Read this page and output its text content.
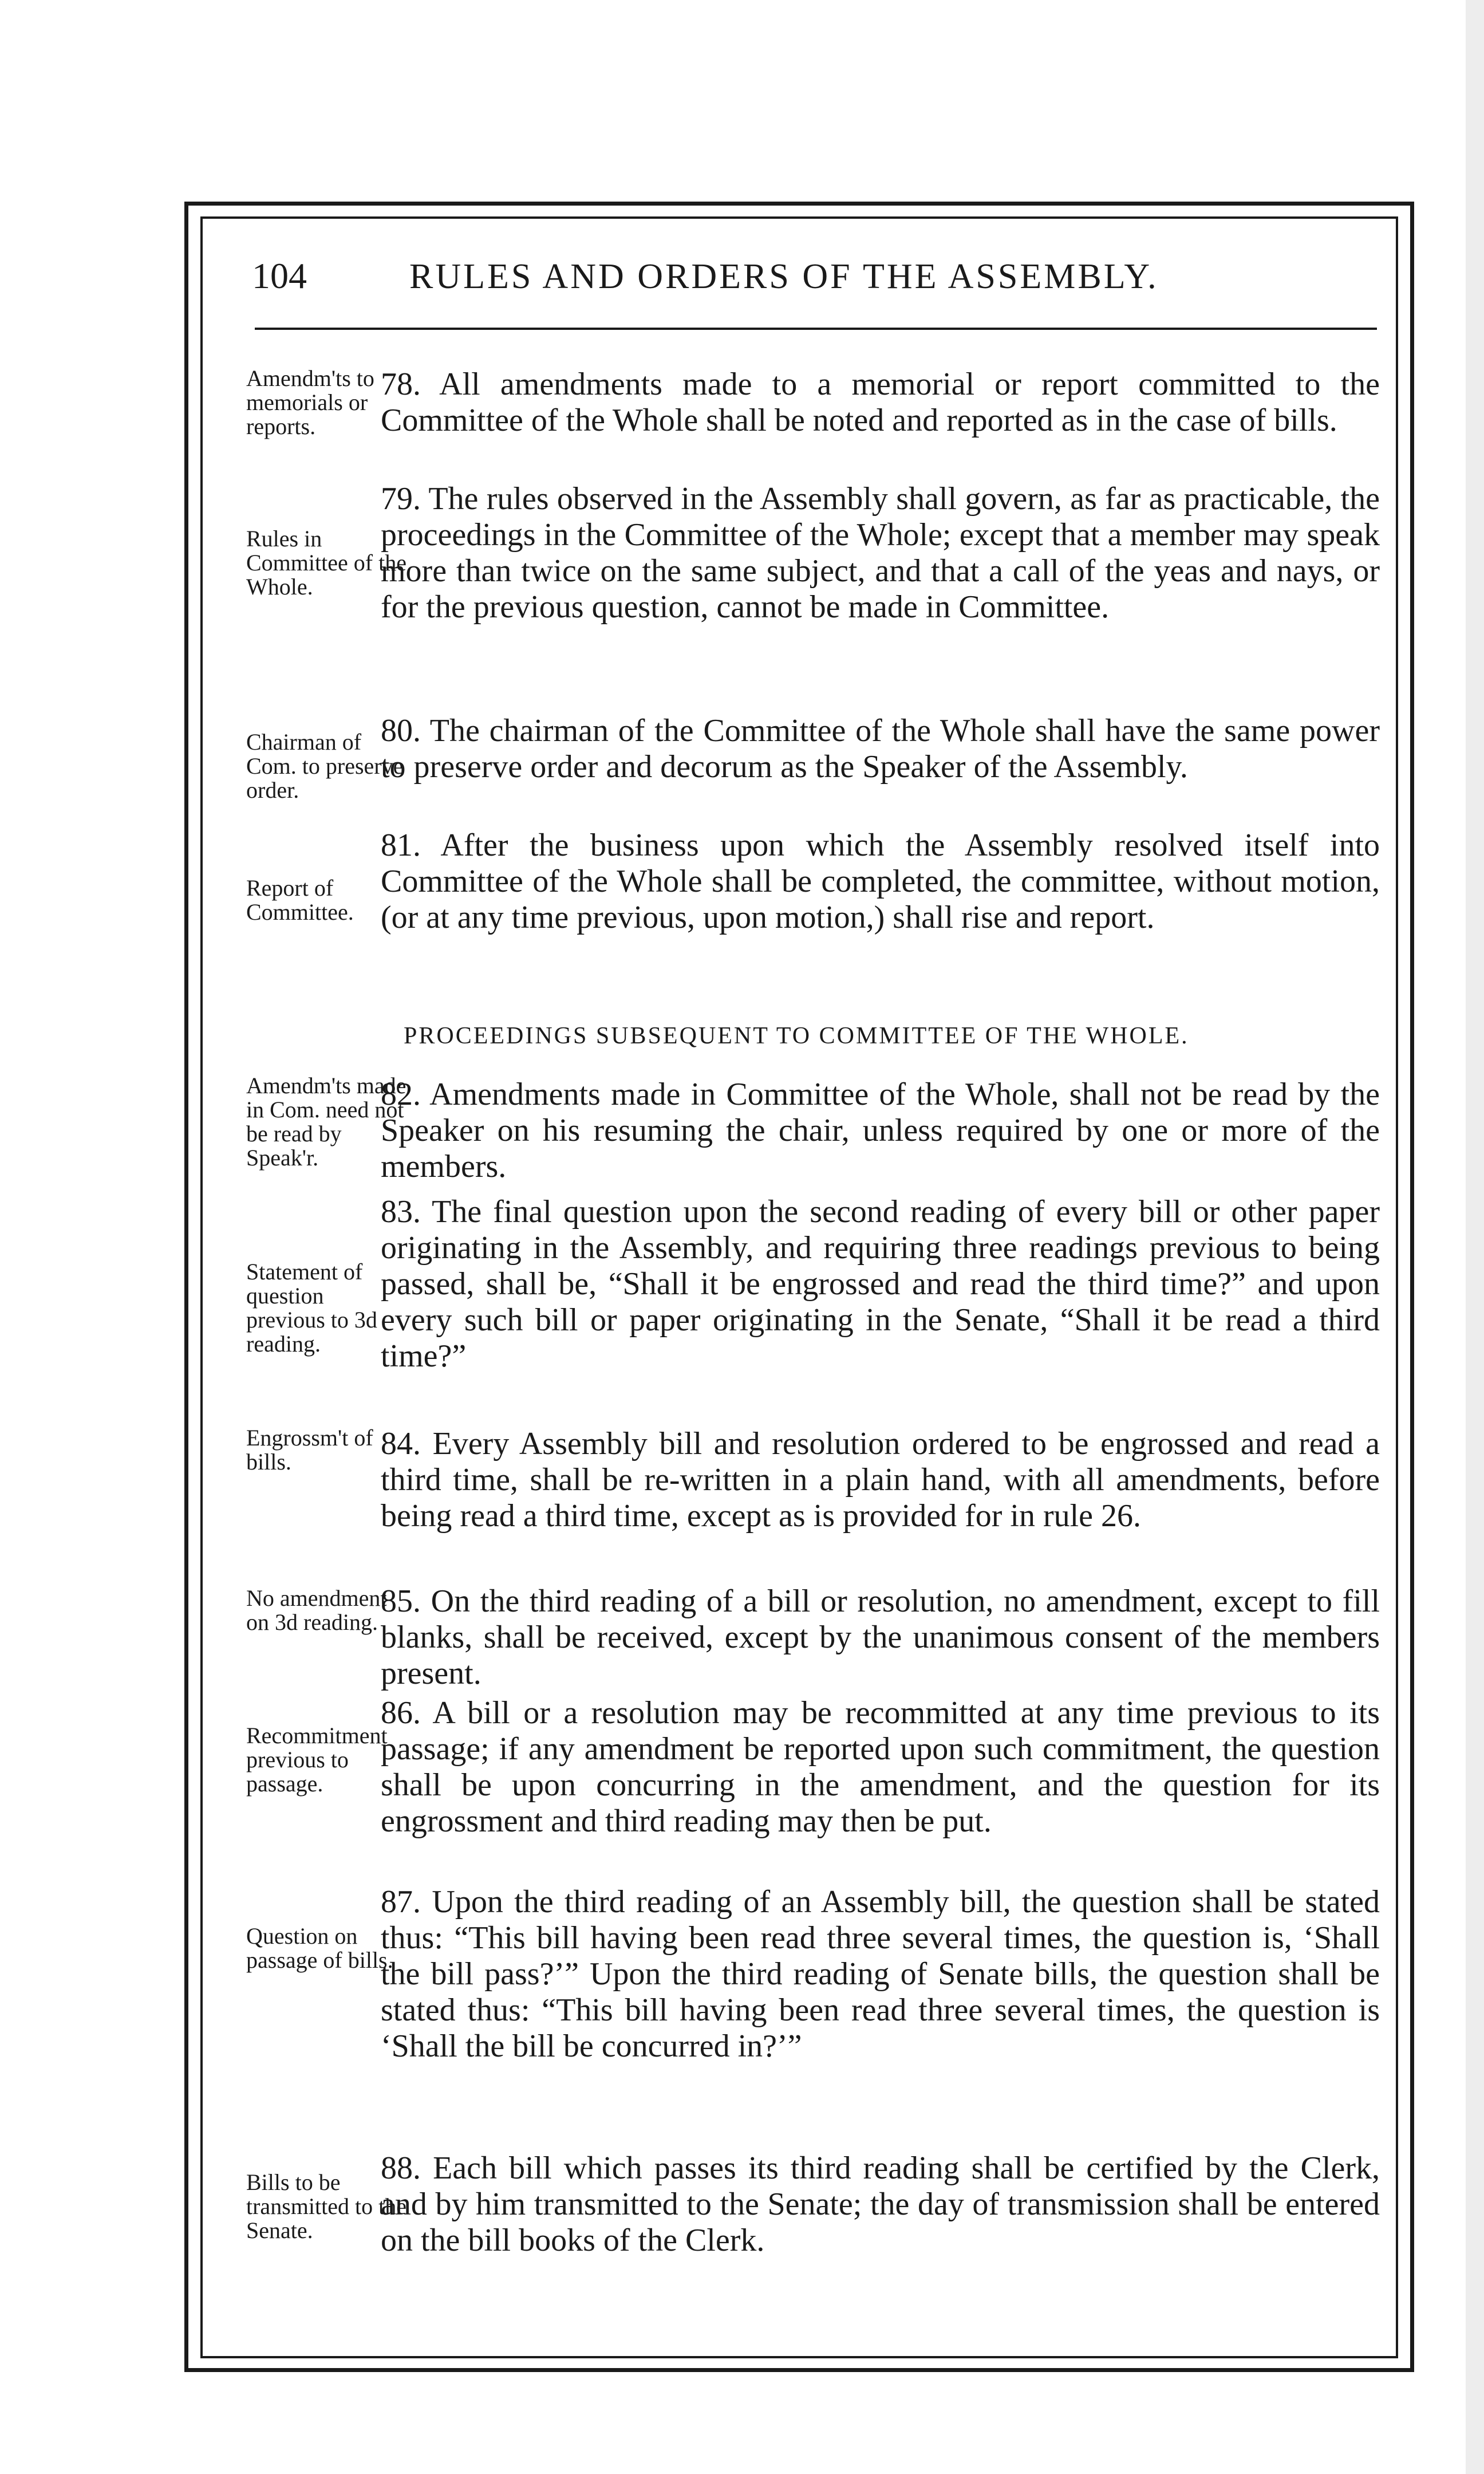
104	RULES AND ORDERS OF THE ASSEMBLY.
Amendm'ts to memorials or reports.
78. All amendments made to a memorial or report committed to the Committee of the Whole shall be noted and reported as in the case of bills.
Rules in Committee of the Whole.
79. The rules observed in the Assembly shall govern, as far as practicable, the proceedings in the Committee of the Whole; except that a member may speak more than twice on the same subject, and that a call of the yeas and nays, or for the previous question, cannot be made in Committee.
Chairman of Com. to preserve order.
80. The chairman of the Committee of the Whole shall have the same power to preserve order and decorum as the Speaker of the Assembly.
Report of Committee.
81. After the business upon which the Assembly resolved itself into Committee of the Whole shall be completed, the committee, without motion, (or at any time previous, upon motion,) shall rise and report.
PROCEEDINGS SUBSEQUENT TO COMMITTEE OF THE WHOLE.
Amendm'ts made in Com. need not be read by Speak'r.
82. Amendments made in Committee of the Whole, shall not be read by the Speaker on his resuming the chair, unless required by one or more of the members.
Statement of question previous to 3d reading.
83. The final question upon the second reading of every bill or other paper originating in the Assembly, and requiring three readings previous to being passed, shall be, “Shall it be engrossed and read the third time?” and upon every such bill or paper originating in the Senate, “Shall it be read a third time?”
Engrossm't of bills.
84. Every Assembly bill and resolution ordered to be engrossed and read a third time, shall be re-written in a plain hand, with all amendments, before being read a third time, except as is provided for in rule 26.
No amendment on 3d reading.
85. On the third reading of a bill or resolution, no amendment, except to fill blanks, shall be received, except by the unanimous consent of the members present.
Recommitment previous to passage.
86. A bill or a resolution may be recommitted at any time previous to its passage; if any amendment be reported upon such commitment, the question shall be upon concurring in the amendment, and the question for its engrossment and third reading may then be put.
Question on passage of bills.
87. Upon the third reading of an Assembly bill, the question shall be stated thus: “This bill having been read three several times, the question is, ‘Shall the bill pass?’” Upon the third reading of Senate bills, the question shall be stated thus: “This bill having been read three several times, the question is ‘Shall the bill be concurred in?’”
Bills to be transmitted to the Senate.
88. Each bill which passes its third reading shall be certified by the Clerk, and by him transmitted to the Senate; the day of transmission shall be entered on the bill books of the Clerk.
